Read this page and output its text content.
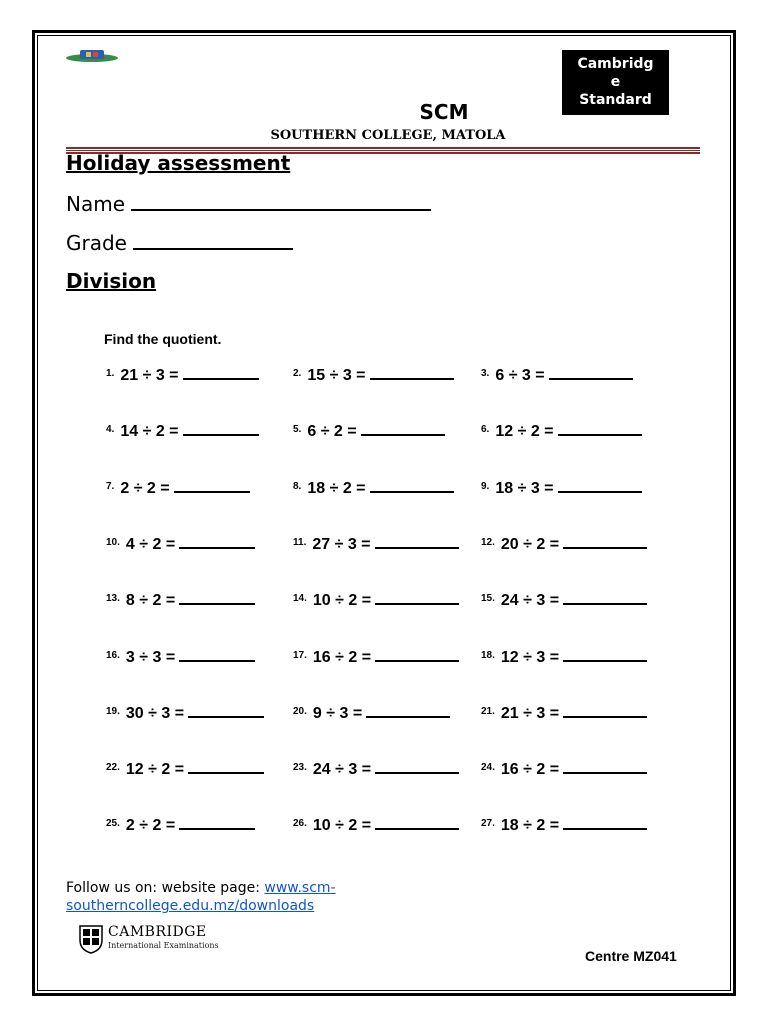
Cambridg
e
Standard
SCM
SOUTHERN COLLEGE, MATOLA
Holiday assessment
Name
Grade
Division
Find the quotient.
$^{1.}$ 21 ÷ 3 =	$^{2.}$ 15 ÷ 3 =	$^{3.}$ 6 ÷ 3 =
$^{4.}$ 14 ÷ 2 =	$^{5.}$ 6 ÷ 2 =	$^{6.}$ 12 ÷ 2 =
$^{7.}$ 2 ÷ 2 =	$^{8.}$ 18 ÷ 2 =	$^{9.}$ 18 ÷ 3 =
$^{10.}$ 4 ÷ 2 =	$^{11.}$ 27 ÷ 3 =	$^{12.}$ 20 ÷ 2 =
$^{13.}$ 8 ÷ 2 =	$^{14.}$ 10 ÷ 2 =	$^{15.}$ 24 ÷ 3 =
$^{16.}$ 3 ÷ 3 =	$^{17.}$ 16 ÷ 2 =	$^{18.}$ 12 ÷ 3 =
$^{19.}$ 30 ÷ 3 =	$^{20.}$ 9 ÷ 3 =	$^{21.}$ 21 ÷ 3 =
$^{22.}$ 12 ÷ 2 =	$^{23.}$ 24 ÷ 3 =	$^{24.}$ 16 ÷ 2 =
$^{25.}$ 2 ÷ 2 =	$^{26.}$ 10 ÷ 2 =	$^{27.}$ 18 ÷ 2 =
Follow us on: website page: www.scm-southerncollege.edu.mz/downloads
CAMBRIDGE
International Examinations
Centre MZ041
